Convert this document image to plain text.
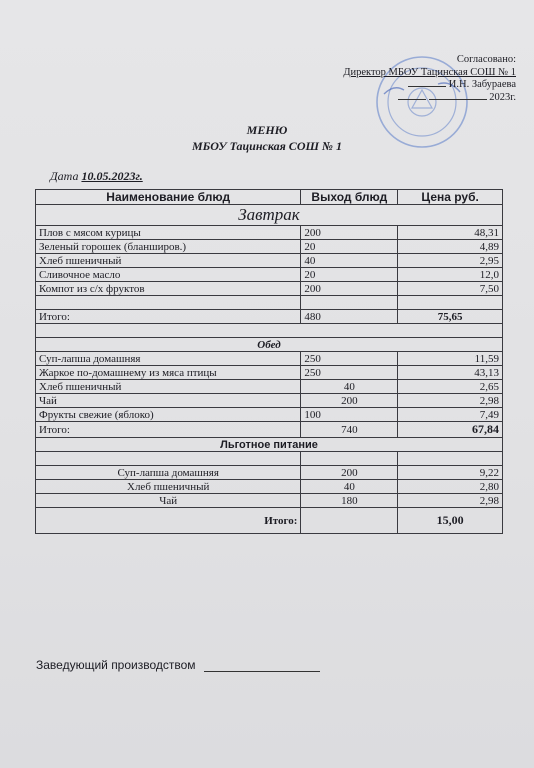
Согласовано:
Директор МБОУ Тацинская СОШ № 1
И.Н. Забураева
2023г.
МЕНЮ
МБОУ Тацинская СОШ № 1
Дата 10.05.2023г.
Наименование блюд	Выход блюд	Цена руб.
Завтрак		
Плов с мясом курицы	200	48,31
Зеленый горошек (бланширов.)	20	4,89
Хлеб пшеничный	40	2,95
Сливочное масло	20	12,0
Компот из с/х фруктов	200	7,50

Итого:	480	75,65

Обед		
Суп-лапша домашняя	250	11,59
Жаркое по-домашнему из мяса птицы	250	43,13
Хлеб пшеничный	40	2,65
Чай	200	2,98
Фрукты свежие (яблоко)	100	7,49
Итого:	740	67,84
Льготное питание		

Суп-лапша домашняя	200	9,22
Хлеб пшеничный	40	2,80
Чай	180	2,98
Итого:		15,00
Заведующий производством
